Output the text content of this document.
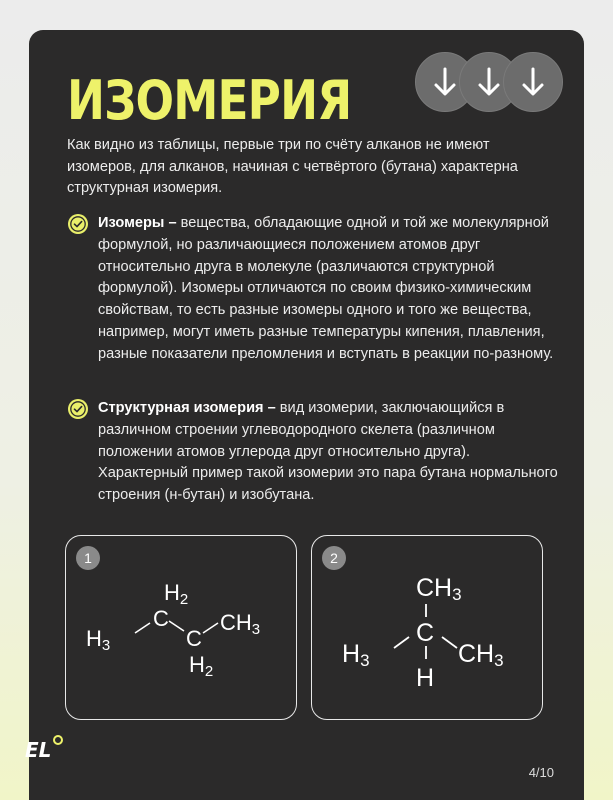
ИЗОМЕРИЯ

Как видно из таблицы, первые три по счёту алканов не имеют изомеров, для алканов, начиная с четвёртого (бутана) характерна структурная изомерия.

Изомеры – вещества, обладающие одной и той же молекулярной формулой, но различающиеся положением атомов друг относительно друга в молекуле (различаются структурной формулой). Изомеры отличаются по своим физико-химическим свойствам, то есть разные изомеры одного и того же вещества, например, могут иметь разные температуры кипения, плавления, разные показатели преломления и вступать в реакции по-разному.
Структурная изомерия – вид изомерии, заключающийся в различном строении углеводородного скелета (различном положении атомов углерода друг относительно друга). Характерный пример такой изомерии это пара бутана нормального строения (н-бутан) и изобутана.
1
H3
C
C
CH3
H2
H2
2
CH3
H3
C
CH3
H
4/10
EL
